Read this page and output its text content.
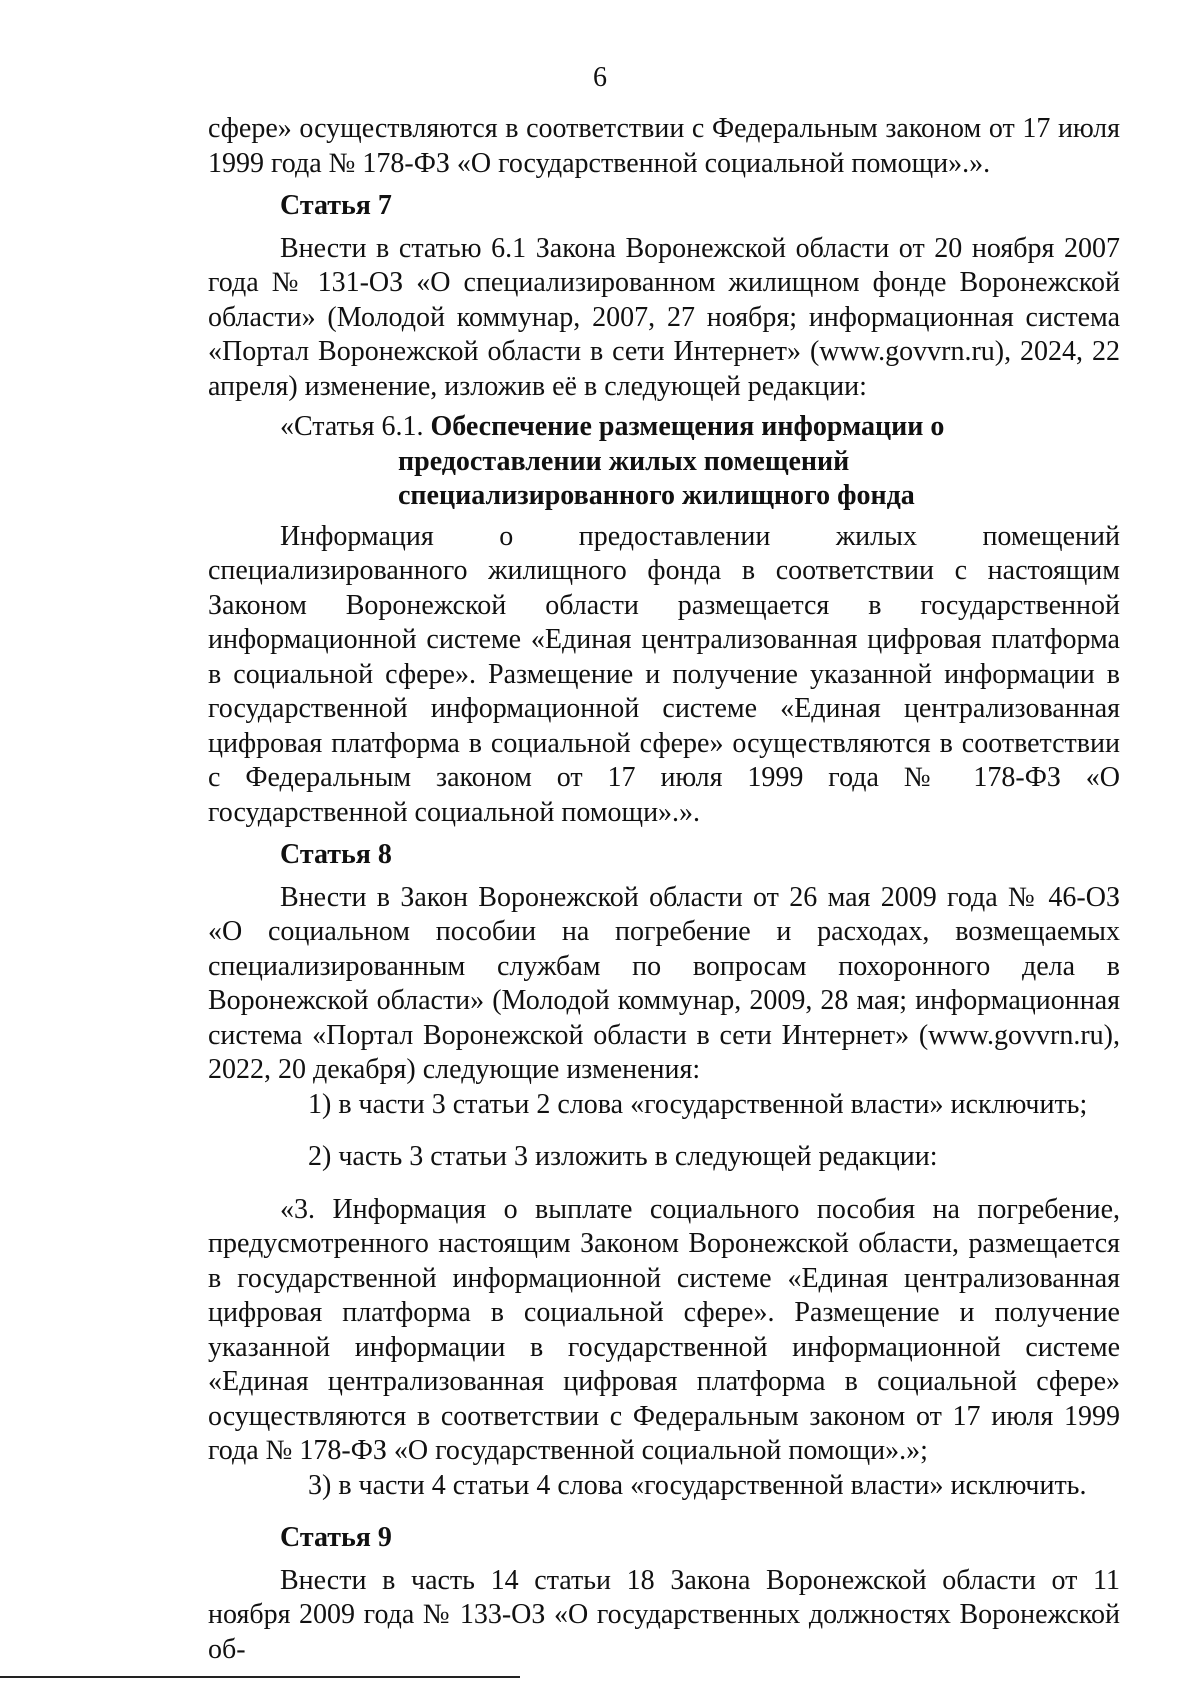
6

сфере» осуществляются в соответствии с Федеральным законом от 17 июля 1999 года № 178-ФЗ «О государственной социальной помощи».».

Статья 7

Внести в статью 6.1 Закона Воронежской области от 20 ноября 2007 года № 131-ОЗ «О специализированном жилищном фонде Воронежской области» (Молодой коммунар, 2007, 27 ноября; информационная система «Портал Воронежской области в сети Интернет» (www.govvrn.ru), 2024, 22 апреля) изменение, изложив её в следующей редакции:

«Статья 6.1. Обеспечение размещения информации о

предоставлении жилых помещений

специализированного жилищного фонда

Информация о предоставлении жилых помещений специализированного жилищного фонда в соответствии с настоящим Законом Воронежской области размещается в государственной информационной системе «Единая централизованная цифровая платформа в социальной сфере». Размещение и получение указанной информации в государственной информационной системе «Единая централизованная цифровая платформа в социальной сфере» осуществляются в соответствии с Федеральным законом от 17 июля 1999 года № 178-ФЗ «О государственной социальной помощи».».

Статья 8

Внести в Закон Воронежской области от 26 мая 2009 года № 46-ОЗ «О социальном пособии на погребение и расходах, возмещаемых специализированным службам по вопросам похоронного дела в Воронежской области» (Молодой коммунар, 2009, 28 мая; информационная система «Портал Воронежской области в сети Интернет» (www.govvrn.ru), 2022, 20 декабря) следующие изменения:

1) в части 3 статьи 2 слова «государственной власти» исключить;

2) часть 3 статьи 3 изложить в следующей редакции:

«3. Информация о выплате социального пособия на погребение, предусмотренного настоящим Законом Воронежской области, размещается в государственной информационной системе «Единая централизованная цифровая платформа в социальной сфере». Размещение и получение указанной информации в государственной информационной системе «Единая централизованная цифровая платформа в социальной сфере» осуществляются в соответствии с Федеральным законом от 17 июля 1999 года № 178-ФЗ «О государственной социальной помощи».»;

3) в части 4 статьи 4 слова «государственной власти» исключить.

Статья 9

Внести в часть 14 статьи 18 Закона Воронежской области от 11 ноября 2009 года № 133-ОЗ «О государственных должностях Воронежской об-
